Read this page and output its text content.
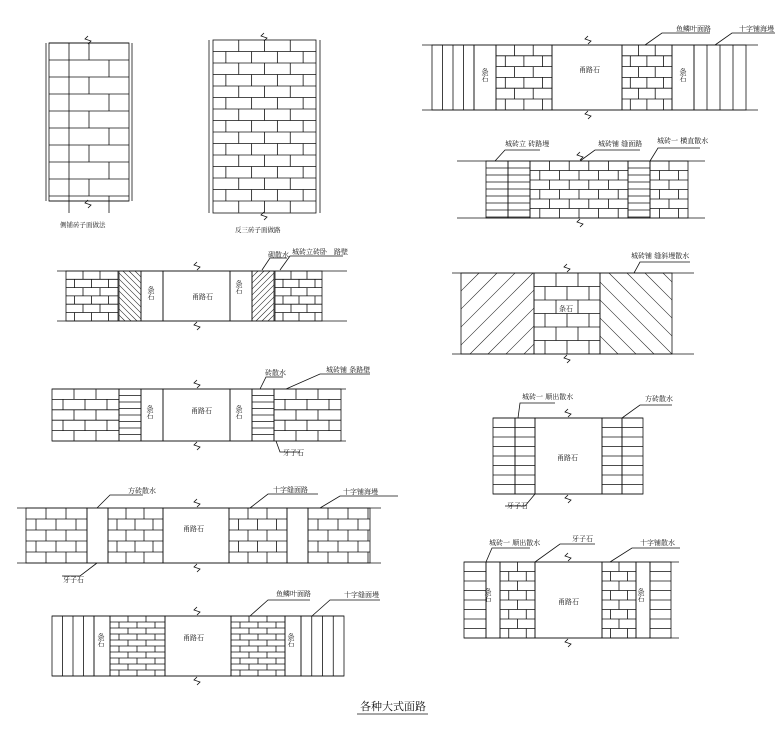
侧铺砖子面做法
反三砖子面做路
条石	甬路石
条石
砌散水 城砖立砖卧 路壁
条石	甬路石	条石
砖散水	城砖铺 条路壁
牙子石
方砖散水
甬路石
十字缝面路	十字铺海墁
牙子石
条石	甬路石	条石
鱼鳞叶面路	十字缝面墁
条石	甬路石	条石
鱼鳞叶面路	十字铺海墁
城砖立 砖路墁	城砖铺 缝面路 城砖一 横直散水
条石
城砖铺 缝斜墁散水
甬路石
城砖一 顺出散水	方砖散水
牙子石
条石	甬路石	条石
城砖一 顺出散水	牙子石	十字铺散水
各种大式面路
